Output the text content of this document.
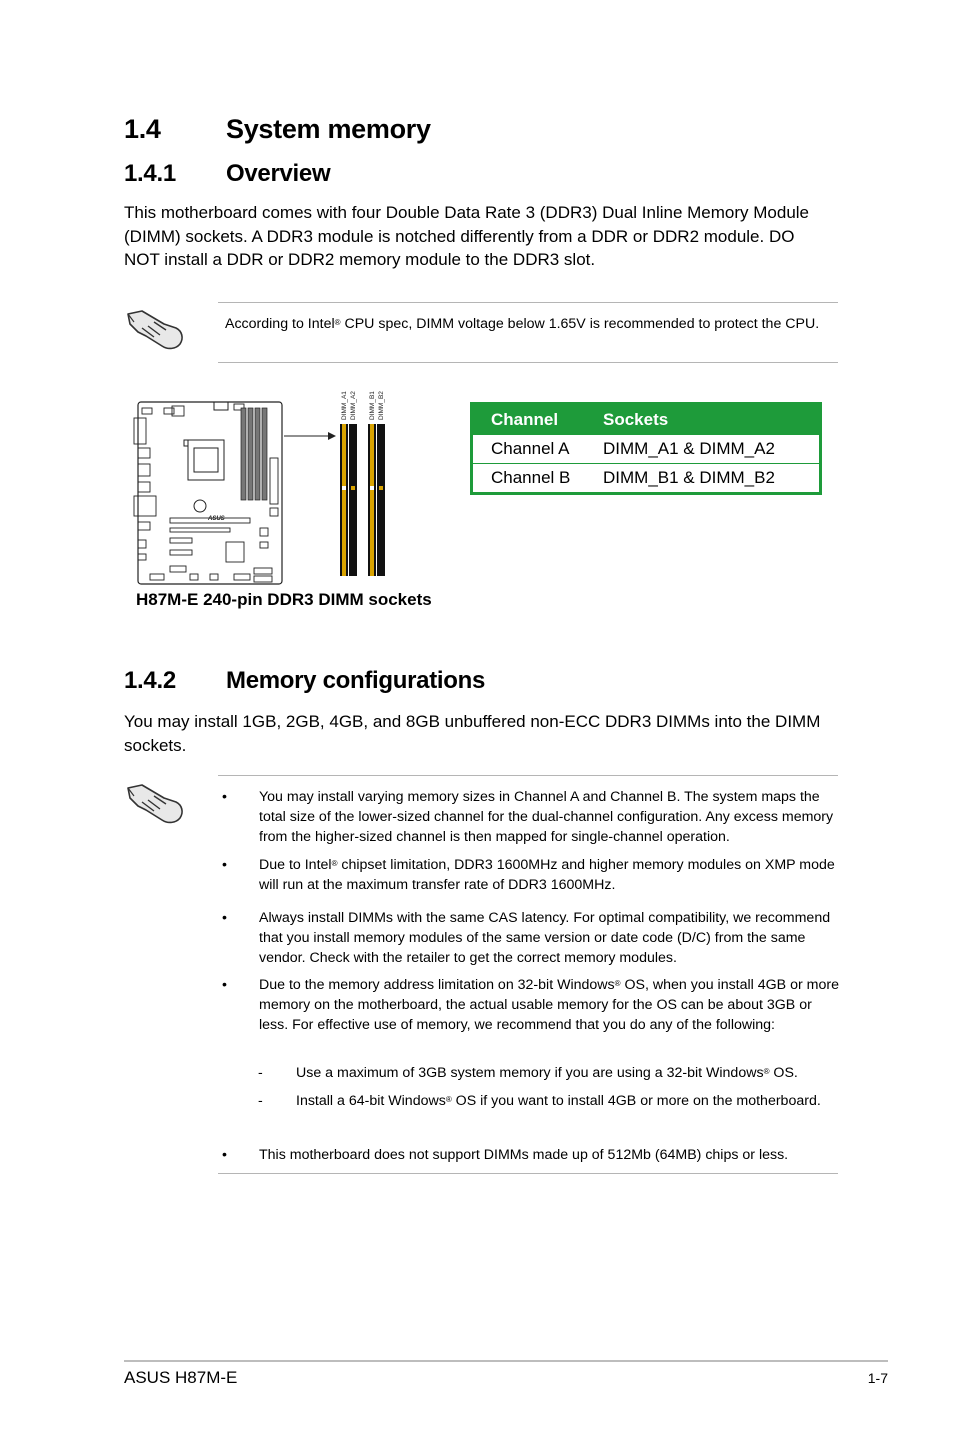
1.4 System memory
1.4.1 Overview
This motherboard comes with four Double Data Rate 3 (DDR3) Dual Inline Memory Module (DIMM) sockets. A DDR3 module is notched differently from a DDR or DDR2 module. DO NOT install a DDR or DDR2 memory module to the DDR3 slot.
According to Intel® CPU spec, DIMM voltage below 1.65V is recommended to protect the CPU.
ASUS
DIMM_A1 DIMM_A2 DIMM_B1 DIMM_B2
H87M-E 240-pin DDR3 DIMM sockets
Channel	Sockets
Channel A	DIMM_A1 & DIMM_A2
Channel B	DIMM_B1 & DIMM_B2
1.4.2 Memory configurations
You may install 1GB, 2GB, 4GB, and 8GB unbuffered non-ECC DDR3 DIMMs into the DIMM sockets.
• You may install varying memory sizes in Channel A and Channel B. The system maps the total size of the lower-sized channel for the dual-channel configuration. Any excess memory from the higher-sized channel is then mapped for single-channel operation.
• Due to Intel® chipset limitation, DDR3 1600MHz and higher memory modules on XMP mode will run at the maximum transfer rate of DDR3 1600MHz.
• Always install DIMMs with the same CAS latency. For optimal compatibility, we recommend that you install memory modules of the same version or date code (D/C) from the same vendor. Check with the retailer to get the correct memory modules.
• Due to the memory address limitation on 32-bit Windows® OS, when you install 4GB or more memory on the motherboard, the actual usable memory for the OS can be about 3GB or less. For effective use of memory, we recommend that you do any of the following:
- Use a maximum of 3GB system memory if you are using a 32-bit Windows® OS.
- Install a 64-bit Windows® OS if you want to install 4GB or more on the motherboard.
• This motherboard does not support DIMMs made up of 512Mb (64MB) chips or less.
ASUS H87M-E	1-7
